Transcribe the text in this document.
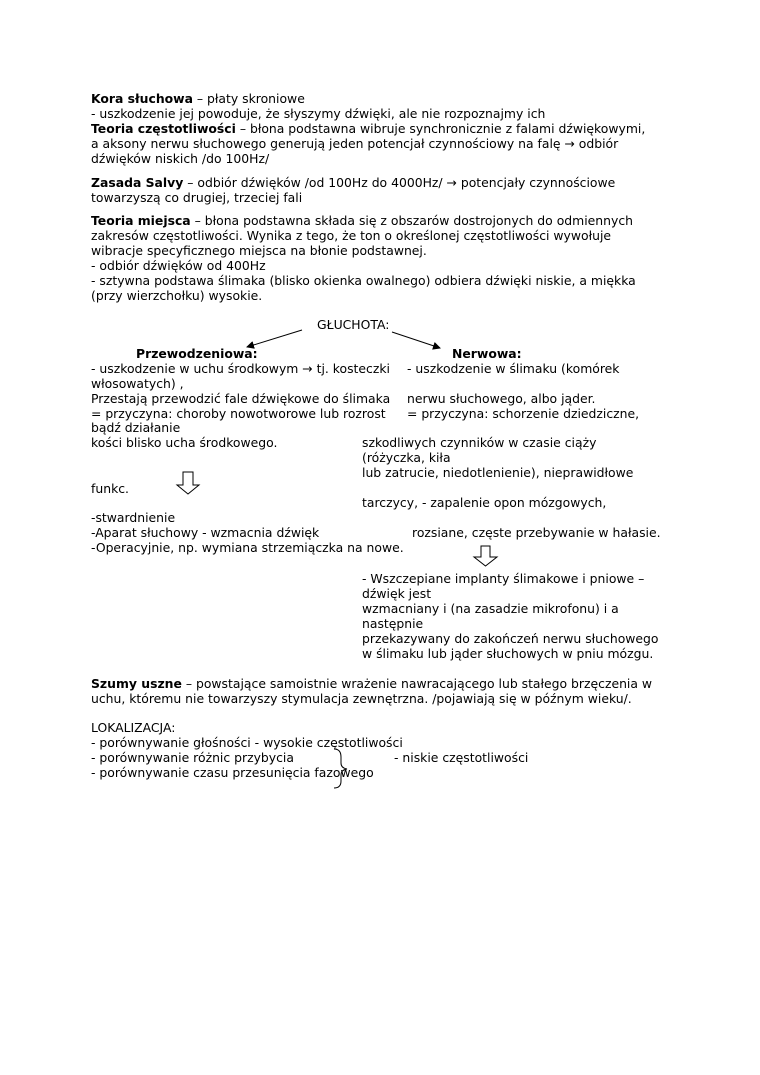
Kora słuchowa – płaty skroniowe
- uszkodzenie jej powoduje, że słyszymy dźwięki, ale nie rozpoznajmy ich
Teoria częstotliwości – błona podstawna wibruje synchronicznie z falami dźwiękowymi,
a aksony nerwu słuchowego generują jeden potencjał czynnościowy na falę → odbiór
dźwięków niskich /do 100Hz/
Zasada Salvy – odbiór dźwięków /od 100Hz do 4000Hz/ → potencjały czynnościowe
towarzyszą co drugiej, trzeciej fali
Teoria miejsca – błona podstawna składa się z obszarów dostrojonych do odmiennych
zakresów częstotliwości. Wynika z tego, że ton o określonej częstotliwości wywołuje
wibracje specyficznego miejsca na błonie podstawnej.
- odbiór dźwięków od 400Hz
- sztywna podstawa ślimaka (blisko okienka owalnego) odbiera dźwięki niskie, a miękka
(przy wierzchołku) wysokie.
GŁUCHOTA:
Przewodzeniowa:	Nerwowa:
- uszkodzenie w uchu środkowym → tj. kosteczki
włosowatych) ,
Przestają przewodzić fale dźwiękowe do ślimaka
= przyczyna: choroby nowotworowe lub rozrost
bądź działanie
kości blisko ucha środkowego.
funkc.
-stwardnienie
-Aparat słuchowy - wzmacnia dźwięk
-Operacyjnie, np. wymiana strzemiączka na nowe.
- uszkodzenie w ślimaku (komórek
nerwu słuchowego, albo jąder.
= przyczyna: schorzenie dziedziczne,
szkodliwych czynników w czasie ciąży
(różyczka, kiła
lub zatrucie, niedotlenienie), nieprawidłowe
tarczycy, - zapalenie opon mózgowych,
rozsiane, częste przebywanie w hałasie.
- Wszczepiane implanty ślimakowe i pniowe –
dźwięk jest
wzmacniany i (na zasadzie mikrofonu) i a
następnie
przekazywany do zakończeń nerwu słuchowego
w ślimaku lub jąder słuchowych w pniu mózgu.
Szumy uszne – powstające samoistnie wrażenie nawracającego lub stałego brzęczenia w
uchu, któremu nie towarzyszy stymulacja zewnętrzna. /pojawiają się w późnym wieku/.
LOKALIZACJA:
- porównywanie głośności - wysokie częstotliwości
- porównywanie różnic przybycia
- porównywanie czasu przesunięcia fazowego
- niskie częstotliwości
